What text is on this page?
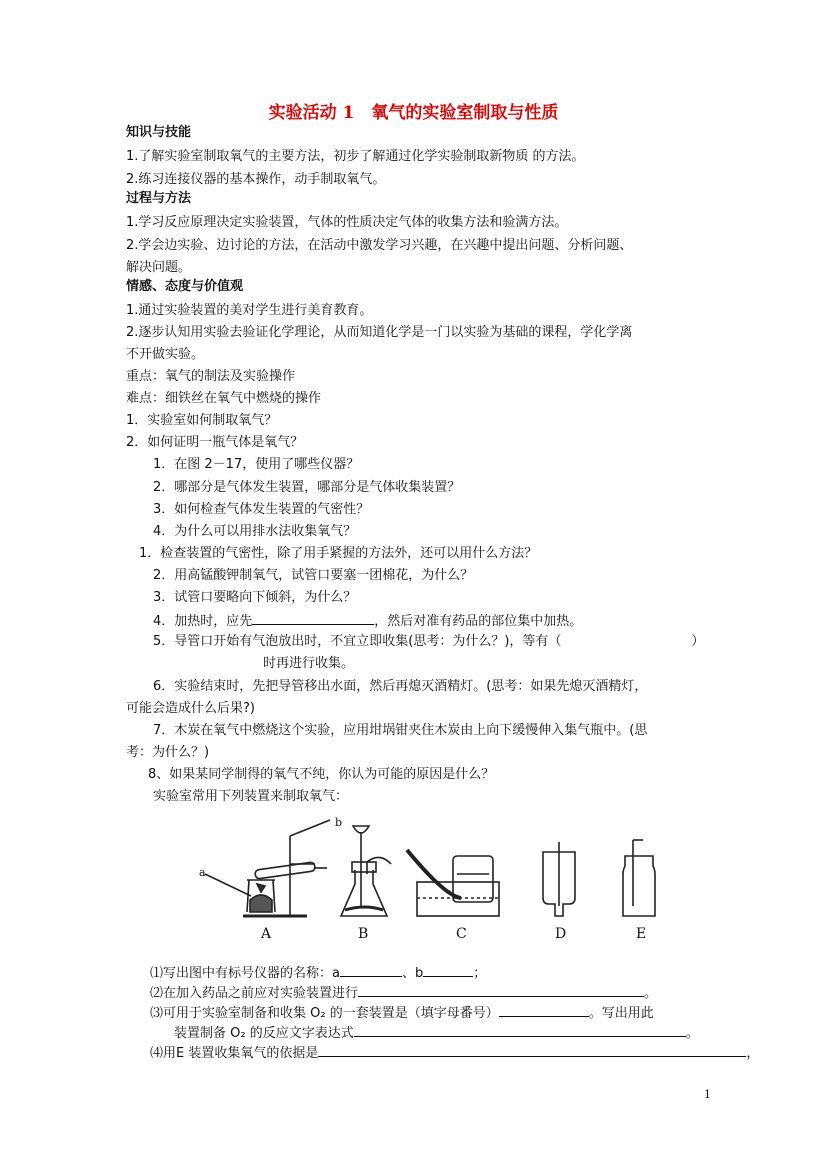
实验活动 1　氧气的实验室制取与性质
知识与技能
1.了解实验室制取氧气的主要方法，初步了解通过化学实验制取新物质 的方法。
2.练习连接仪器的基本操作，动手制取氧气。
过程与方法
1.学习反应原理决定实验装置，气体的性质决定气体的收集方法和验满方法。
2.学会边实验、边讨论的方法，在活动中激发学习兴趣，在兴趣中提出问题、分析问题、
解决问题。
情感、态度与价值观
1.通过实验装置的美对学生进行美育教育。
2.逐步认知用实验去验证化学理论，从而知道化学是一门以实验为基础的课程，学化学离
不开做实验。
重点：氧气的制法及实验操作
难点：细铁丝在氧气中燃烧的操作
1．实验室如何制取氧气？
2．如何证明一瓶气体是氧气？
1．在图 2－17，使用了哪些仪器？
2．哪部分是气体发生装置，哪部分是气体收集装置？
3．如何检查气体发生装置的气密性？
4．为什么可以用排水法收集氧气？
1．检查装置的气密性，除了用手紧握的方法外，还可以用什么方法？
2．用高锰酸钾制氧气，试管口要塞一团棉花，为什么？
3．试管口要略向下倾斜，为什么？
4．加热时，应先	，然后对准有药品的部位集中加热。
5．导管口开始有气泡放出时，不宜立即收集(思考：为什么？)，等有（	）
时再进行收集。
6．实验结束时，先把导管移出水面，然后再熄灭酒精灯。(思考：如果先熄灭酒精灯，
可能会造成什么后果?)
7．木炭在氧气中燃烧这个实验，应用坩埚钳夹住木炭由上向下缓慢伸入集气瓶中。(思
考：为什么？)
8、如果某同学制得的氧气不纯，你认为可能的原因是什么？
实验室常用下列装置来制取氧气：
A	B	C	D	E
a
b
⑴写出图中有标号仪器的名称：a	、b	；
⑵在加入药品之前应对实验装置进行	。
⑶可用于实验室制备和收集 O₂ 的一套装置是（填字母番号）	。写出用此
装置制备 O₂ 的反应文字表达式	。
⑷用E 装置收集氧气的依据是	，
1
